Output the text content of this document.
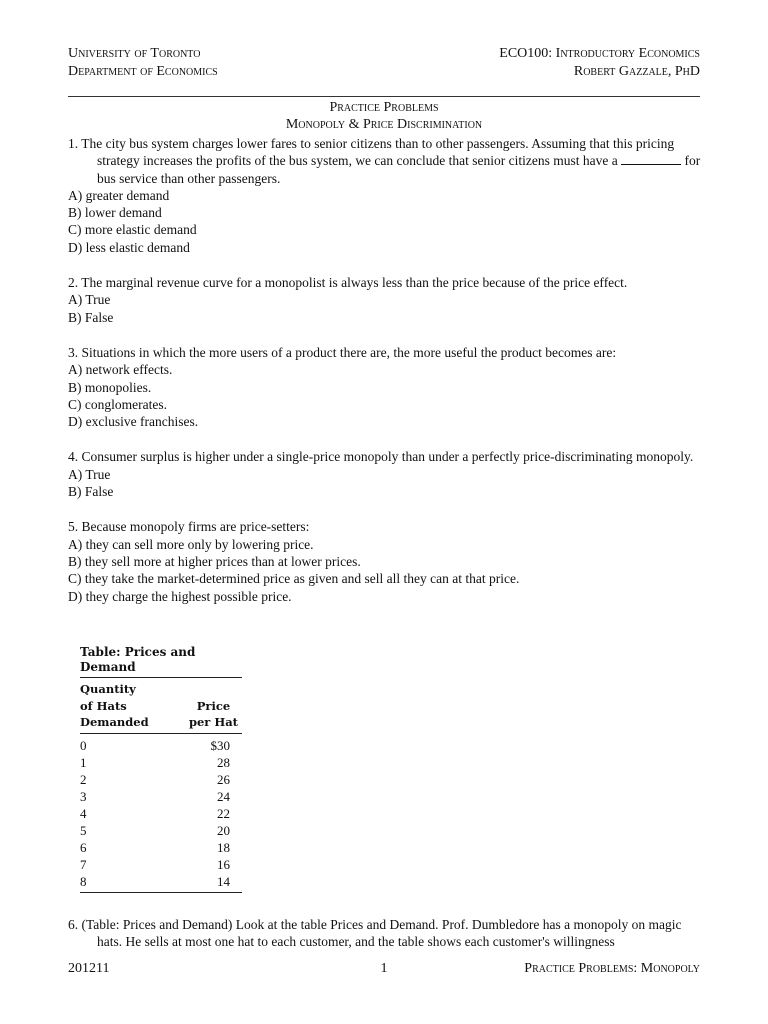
University of Toronto
Department of Economics
ECO100: Introductory Economics
Robert Gazzale, PhD
Practice Problems
Monopoly & Price Discrimination

1. The city bus system charges lower fares to senior citizens than to other passengers. Assuming that this pricing strategy increases the profits of the bus system, we can conclude that senior citizens must have a	for bus service than other passengers.

A) greater demand

B) lower demand

C) more elastic demand

D) less elastic demand

2. The marginal revenue curve for a monopolist is always less than the price because of the price effect.

A) True

B) False

3. Situations in which the more users of a product there are, the more useful the product becomes are:

A) network effects.

B) monopolies.

C) conglomerates.

D) exclusive franchises.

4. Consumer surplus is higher under a single-price monopoly than under a perfectly price-discriminating monopoly.

A) True

B) False

5. Because monopoly firms are price-setters:

A) they can sell more only by lowering price.

B) they sell more at higher prices than at lower prices.

C) they take the market-determined price as given and sell all they can at that price.

D) they charge the highest possible price.

Table: Prices and Demand
Quantity
of Hats
Demanded
Price
per Hat
0	$30
1	28
2	26
3	24
4	22
5	20
6	18
7	16
8	14

6. (Table: Prices and Demand) Look at the table Prices and Demand. Prof. Dumbledore has a monopoly on magic hats. He sells at most one hat to each customer, and the table shows each customer's willingness

201211	1	Practice Problems: Monopoly
